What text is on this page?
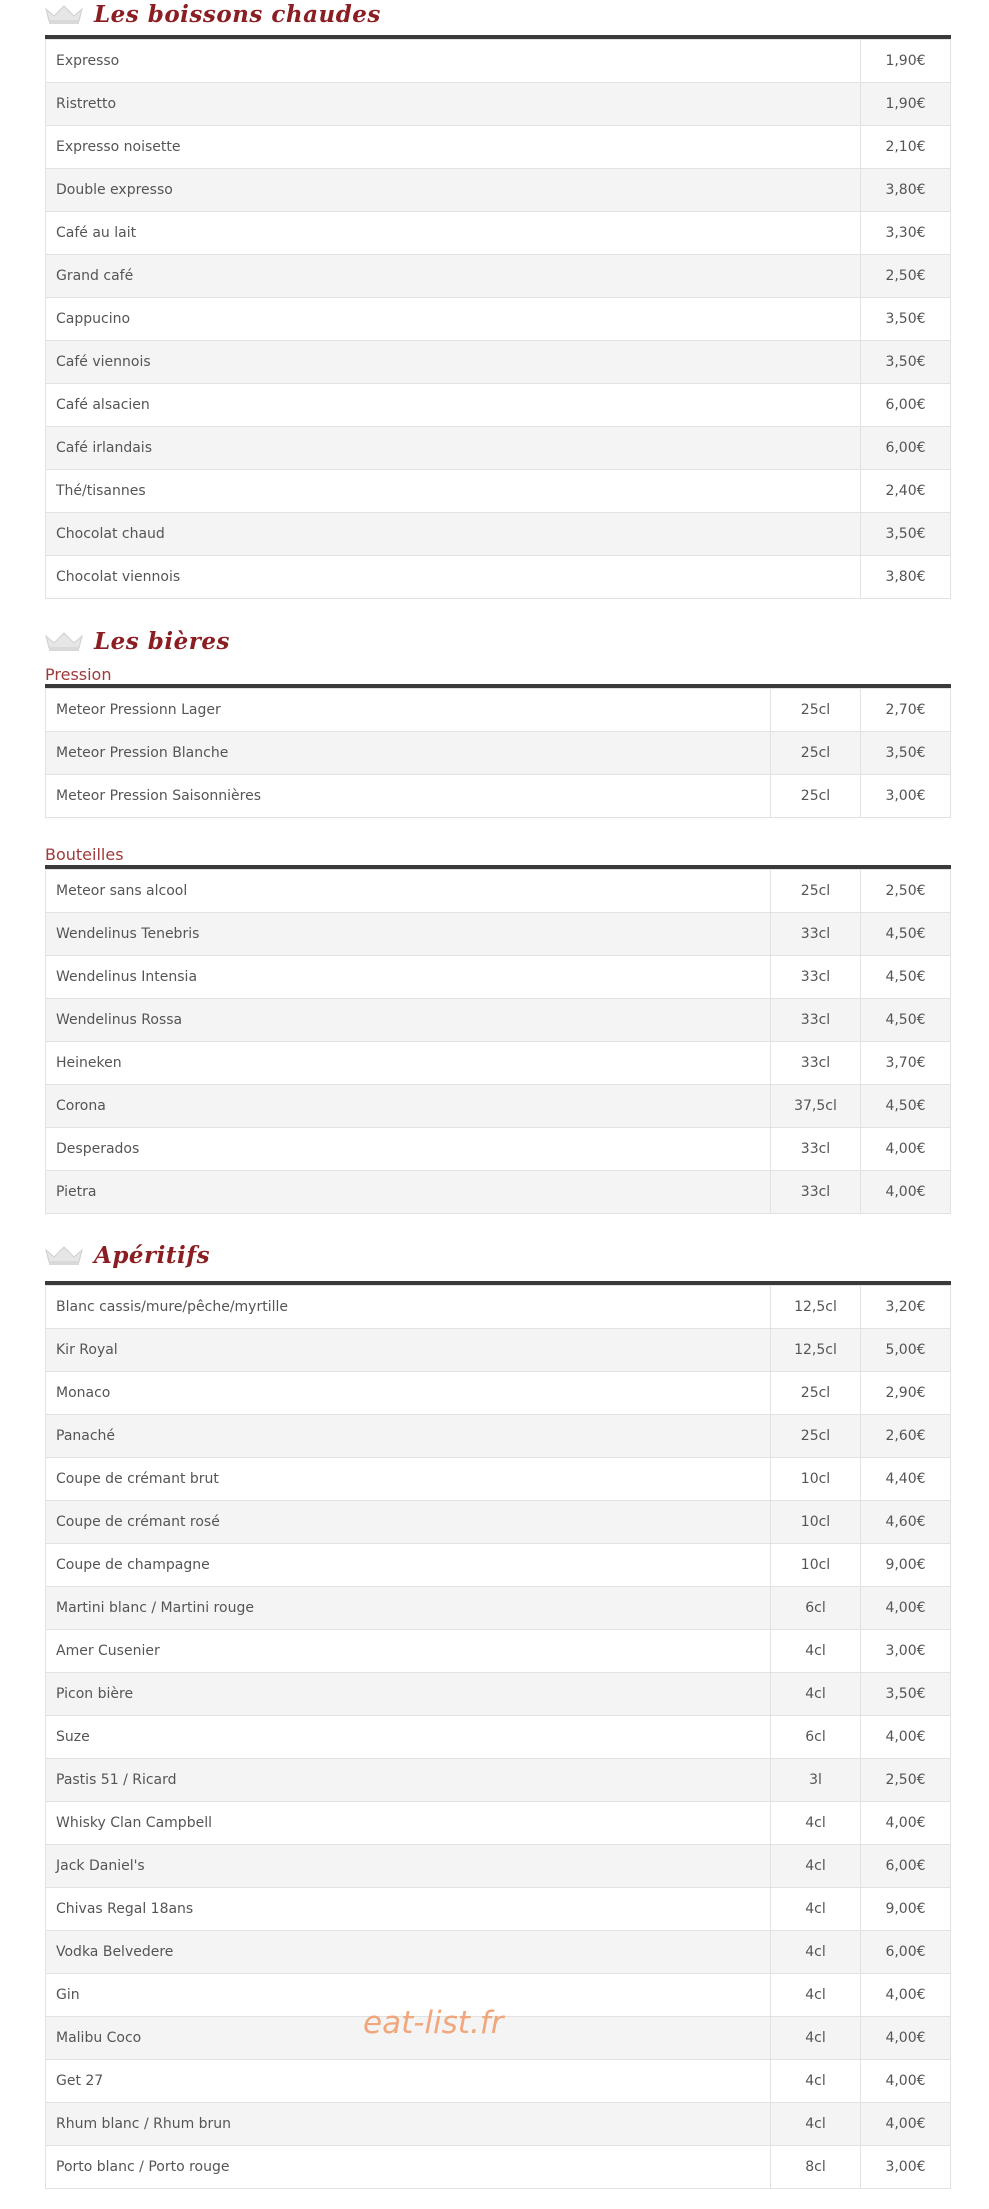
Les boissons chaudes
Expresso	1,90€
Ristretto	1,90€
Expresso noisette	2,10€
Double expresso	3,80€
Café au lait	3,30€
Grand café	2,50€
Cappucino	3,50€
Café viennois	3,50€
Café alsacien	6,00€
Café irlandais	6,00€
Thé/tisannes	2,40€
Chocolat chaud	3,50€
Chocolat viennois	3,80€
Les bières
Pression
Meteor Pressionn Lager	25cl	2,70€
Meteor Pression Blanche	25cl	3,50€
Meteor Pression Saisonnières	25cl	3,00€
Bouteilles
Meteor sans alcool	25cl	2,50€
Wendelinus Tenebris	33cl	4,50€
Wendelinus Intensia	33cl	4,50€
Wendelinus Rossa	33cl	4,50€
Heineken	33cl	3,70€
Corona	37,5cl	4,50€
Desperados	33cl	4,00€
Pietra	33cl	4,00€
Apéritifs
Blanc cassis/mure/pêche/myrtille	12,5cl	3,20€
Kir Royal	12,5cl	5,00€
Monaco	25cl	2,90€
Panaché	25cl	2,60€
Coupe de crémant brut	10cl	4,40€
Coupe de crémant rosé	10cl	4,60€
Coupe de champagne	10cl	9,00€
Martini blanc / Martini rouge	6cl	4,00€
Amer Cusenier	4cl	3,00€
Picon bière	4cl	3,50€
Suze	6cl	4,00€
Pastis 51 / Ricard	3l	2,50€
Whisky Clan Campbell	4cl	4,00€
Jack Daniel's	4cl	6,00€
Chivas Regal 18ans	4cl	9,00€
Vodka Belvedere	4cl	6,00€
Gin	4cl	4,00€
Malibu Coco	4cl	4,00€
Get 27	4cl	4,00€
Rhum blanc / Rhum brun	4cl	4,00€
Porto blanc / Porto rouge	8cl	3,00€
eat-list.fr
